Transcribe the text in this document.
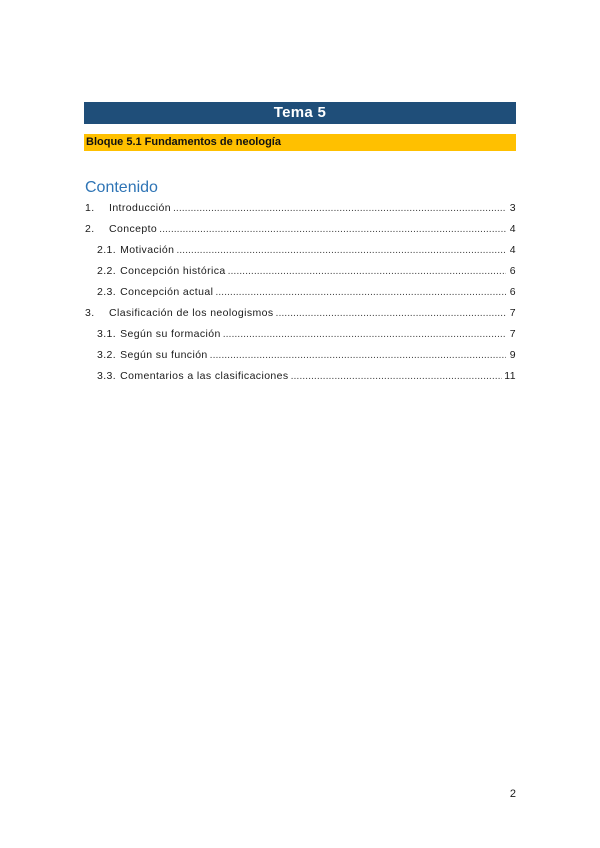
Tema 5
Bloque 5.1 Fundamentos de neología
Contenido
1.	Introducción .....	3
2.	Concepto .....	4
2.1. Motivación .....	4
2.2. Concepción histórica .....	6
2.3. Concepción actual .....	6
3.	Clasificación de los neologismos .....	7
3.1. Según su formación .....	7
3.2. Según su función .....	9
3.3. Comentarios a las clasificaciones .....	11
2
